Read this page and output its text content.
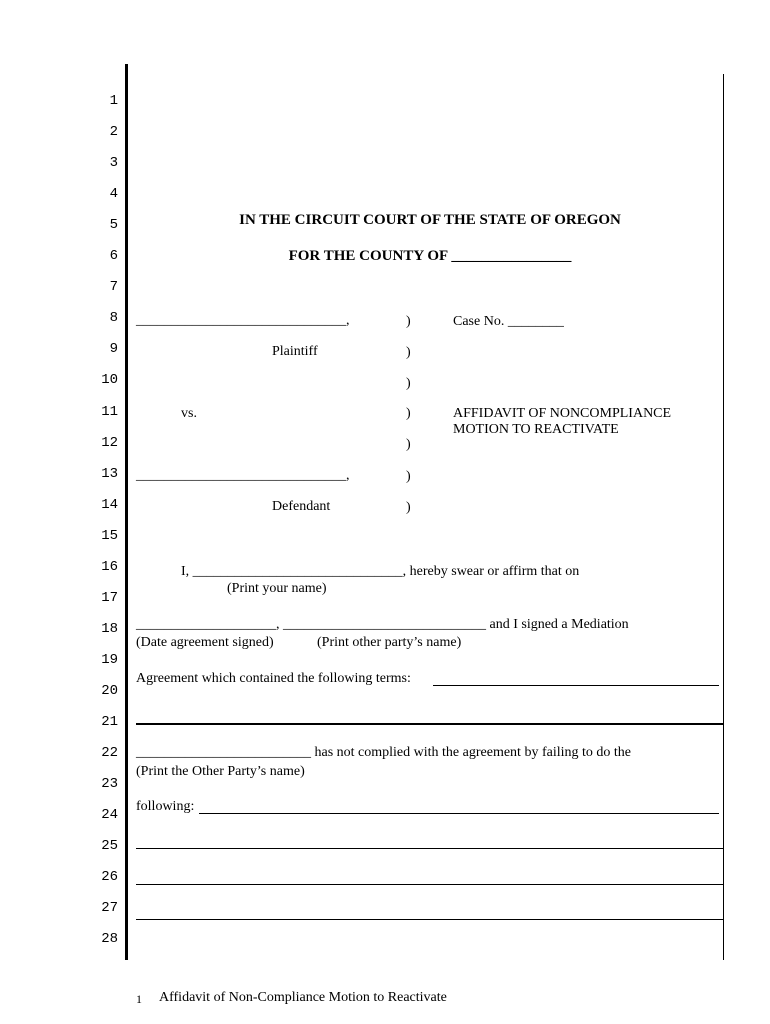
1
2
3
4
5
6
7
8
9
10
11
12
13
14
15
16
17
18
19
20
21
22
23
24
25
26
27
28
IN THE CIRCUIT COURT OF THE STATE OF OREGON
FOR THE COUNTY OF ________________
______________________________,
Plaintiff
vs.
______________________________,
Defendant
)
)
)
)
)
)
)
Case No. ________
AFFIDAVIT OF NONCOMPLIANCE
MOTION TO REACTIVATE
I, ______________________________, hereby swear or affirm that on
(Print your name)
____________________, _____________________________ and I signed a Mediation
(Date agreement signed)	(Print other party’s name)
Agreement which contained the following terms:
_________________________ has not complied with the agreement by failing to do the
(Print the Other Party’s name)
following:
1 Affidavit of Non-Compliance Motion to Reactivate
